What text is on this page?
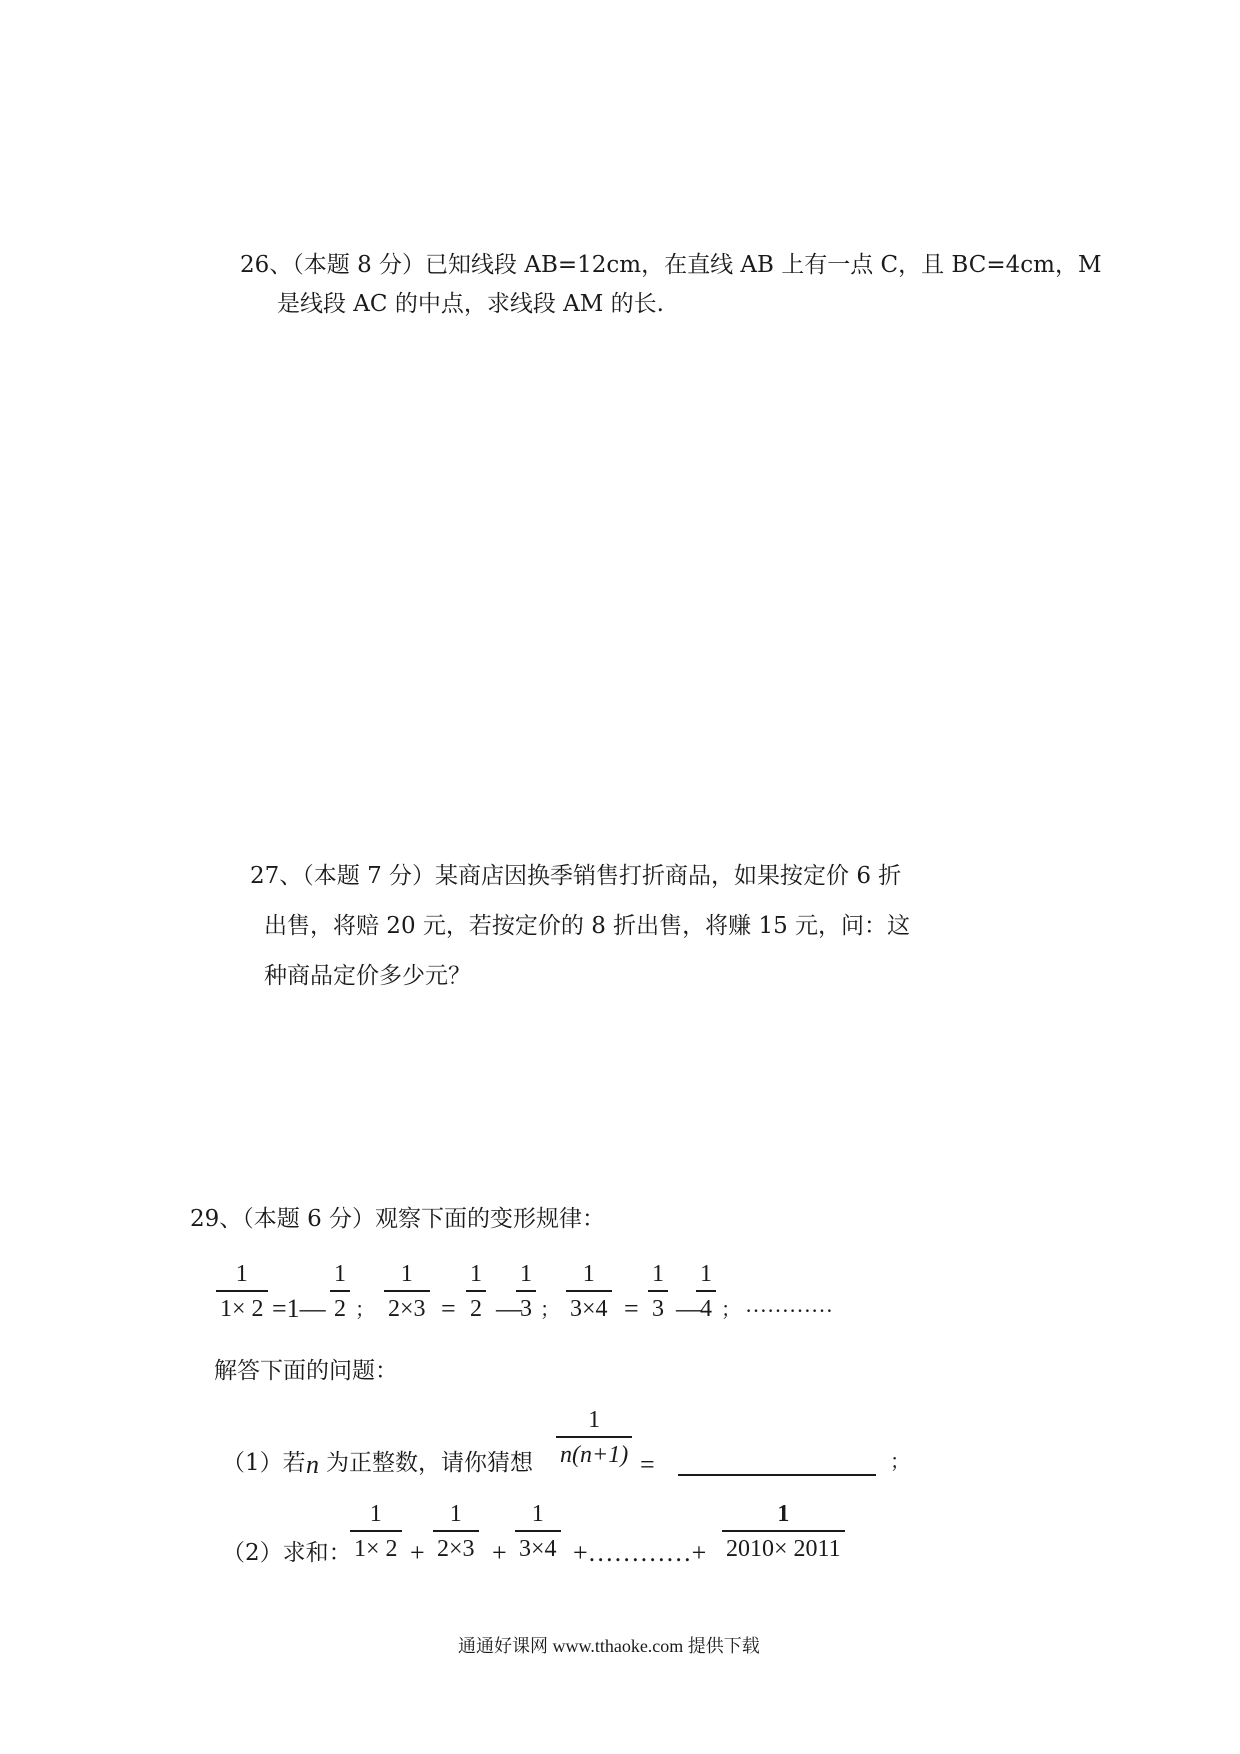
26、（本题 8 分）已知线段 AB=12cm，在直线 AB 上有一点 C，且 BC=4cm，M
是线段 AC 的中点，求线段 AM 的长.
27、（本题 7 分）某商店因换季销售打折商品，如果按定价 6 折
出售，将赔 20 元，若按定价的 8 折出售，将赚 15 元，问：这
种商品定价多少元？
29、（本题 6 分）观察下面的变形规律：
1
1× 2 =1—
1
2 ；
1
2×3 =
1
2 —
1
3 ；
1
3×4 =
1
3 —
1
4 ； …………
解答下面的问题：
（1）若 n 为正整数，请你猜想
1
n(n+1) =	；
（2）求和：
1
1× 2 +
1
2×3 +
1
3×4 +…………+
1
2010× 2011
通通好课网 www.tthaoke.com 提供下载
